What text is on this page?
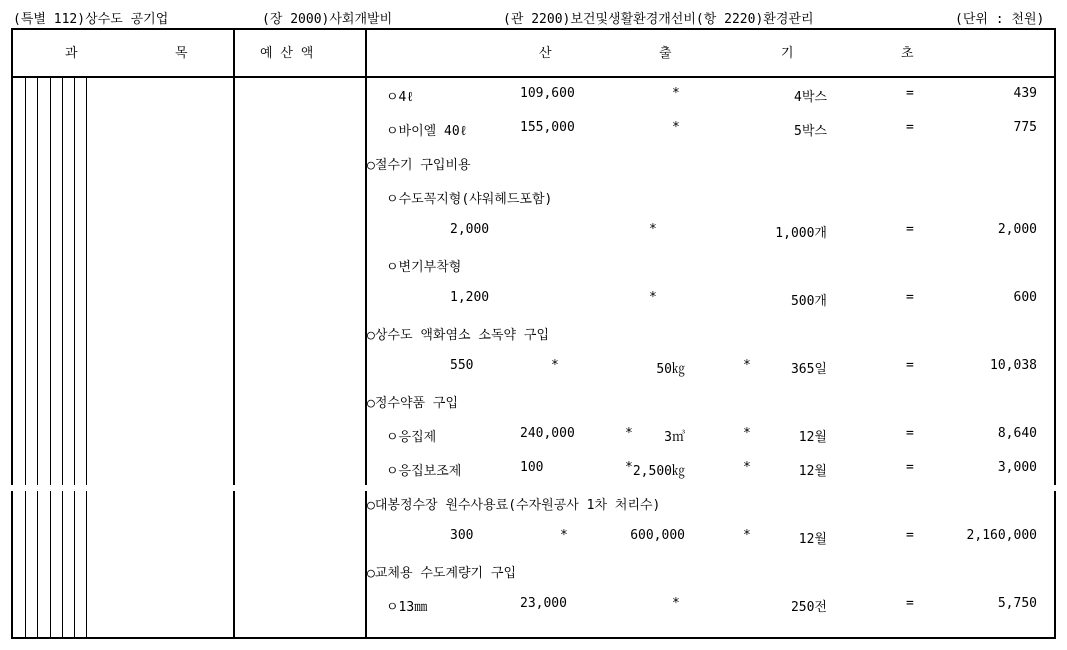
(특별 112)상수도 공기업	(장 2000)사회개발비	(관 2200)보건및생활환경개선비(항 2220)환경관리	(단위 : 천원)
과	목	예 산 액	산	출	기	초
ㅇ4ℓ	109,600	*	4박스	=	439
ㅇ바이엘 40ℓ	155,000	*	5박스	=	775
○절수기 구입비용
ㅇ수도꼭지형(샤워헤드포함)
2,000	*	1,000개	=	2,000
ㅇ변기부착형
1,200	*	500개	=	600
○상수도 액화염소 소독약 구입
550	*	50㎏	*	365일	=	10,038
○정수약품 구입
ㅇ응집제	240,000	* 3㎥	*	12월	=	8,640
ㅇ응집보조제	100	* 2,500㎏	*	12월	=	3,000
○대봉정수장 원수사용료(수자원공사 1차 처리수)
300	*	600,000	*	12월	=	2,160,000
○교체용 수도계량기 구입
ㅇ13㎜	23,000	*	250전	=	5,750
